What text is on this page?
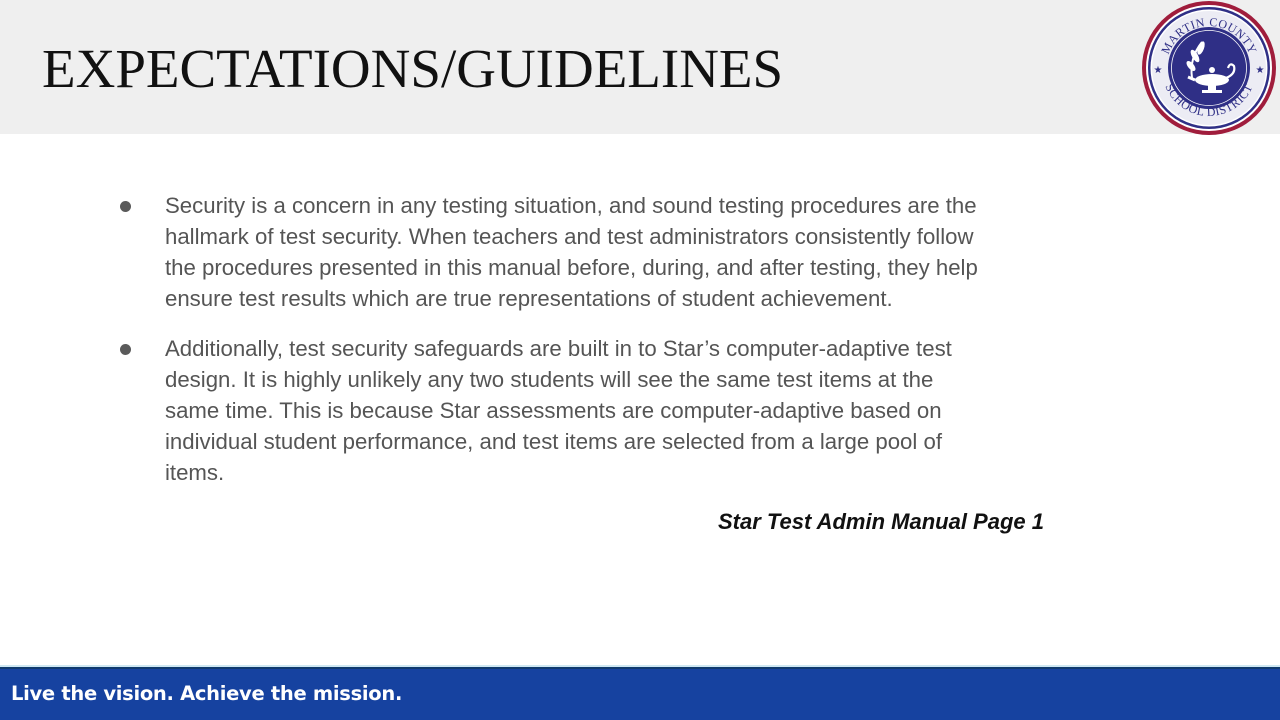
EXPECTATIONS/GUIDELINES	MARTIN COUNTY
SCHOOL DISTRICT
★	★
Security is a concern in any testing situation, and sound testing procedures are the
hallmark of test security. When teachers and test administrators consistently follow
the procedures presented in this manual before, during, and after testing, they help
ensure test results which are true representations of student achievement.
Additionally, test security safeguards are built in to Star’s computer-adaptive test
design. It is highly unlikely any two students will see the same test items at the
same time. This is because Star assessments are computer-adaptive based on
individual student performance, and test items are selected from a large pool of
items.
Star Test Admin Manual Page 1
Live the vision. Achieve the mission.
